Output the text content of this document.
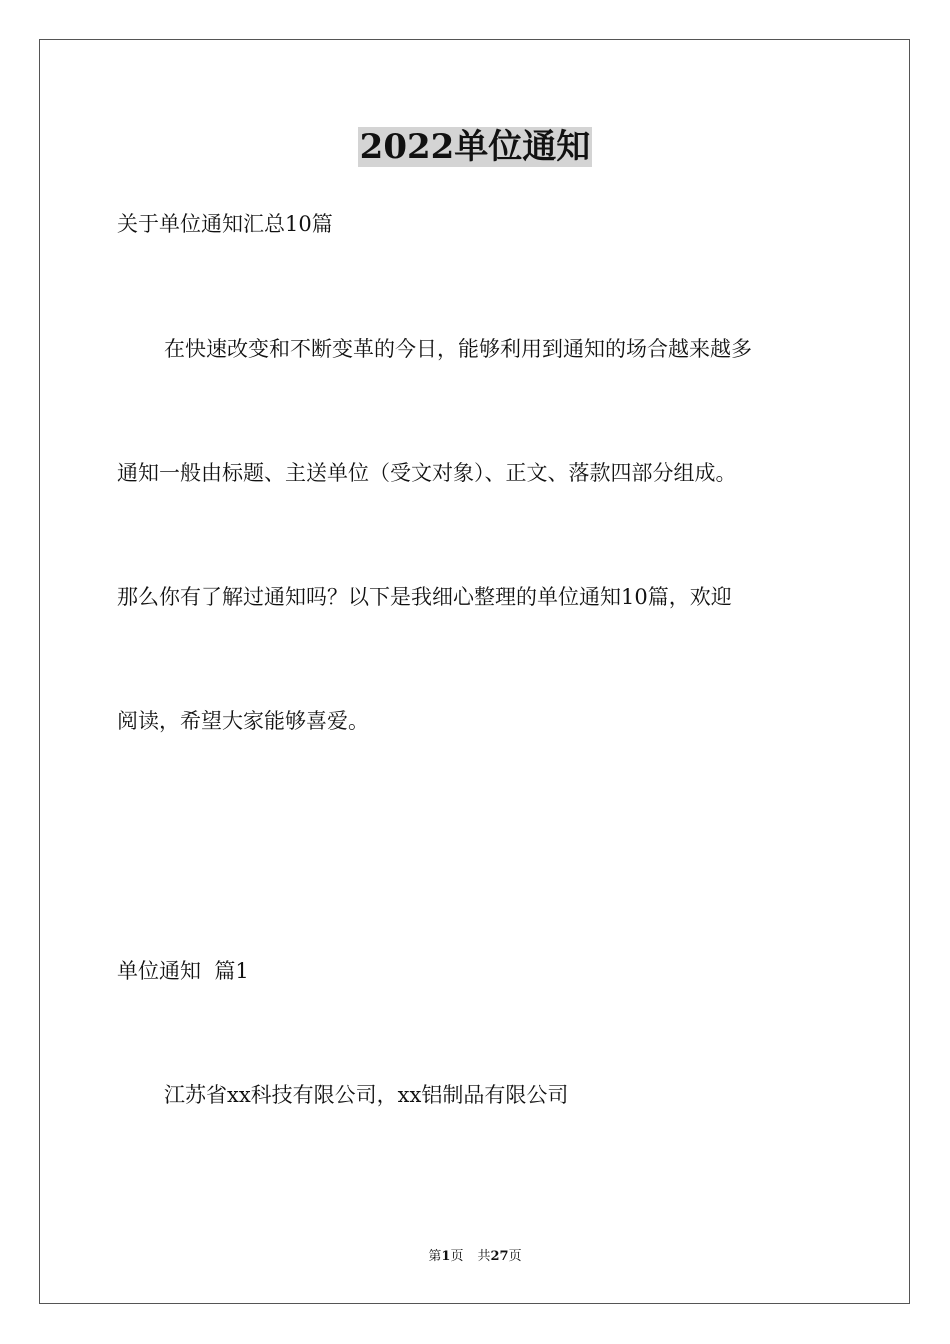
2022单位通知

关于单位通知汇总10篇

在快速改变和不断变革的今日，能够利用到通知的场合越来越多

通知一般由标题、主送单位（受文对象）、正文、落款四部分组成。

那么你有了解过通知吗？以下是我细心整理的单位通知10篇，欢迎

阅读，希望大家能够喜爱。

单位通知  篇1

江苏省xx科技有限公司，xx铝制品有限公司

第1页 共27页
